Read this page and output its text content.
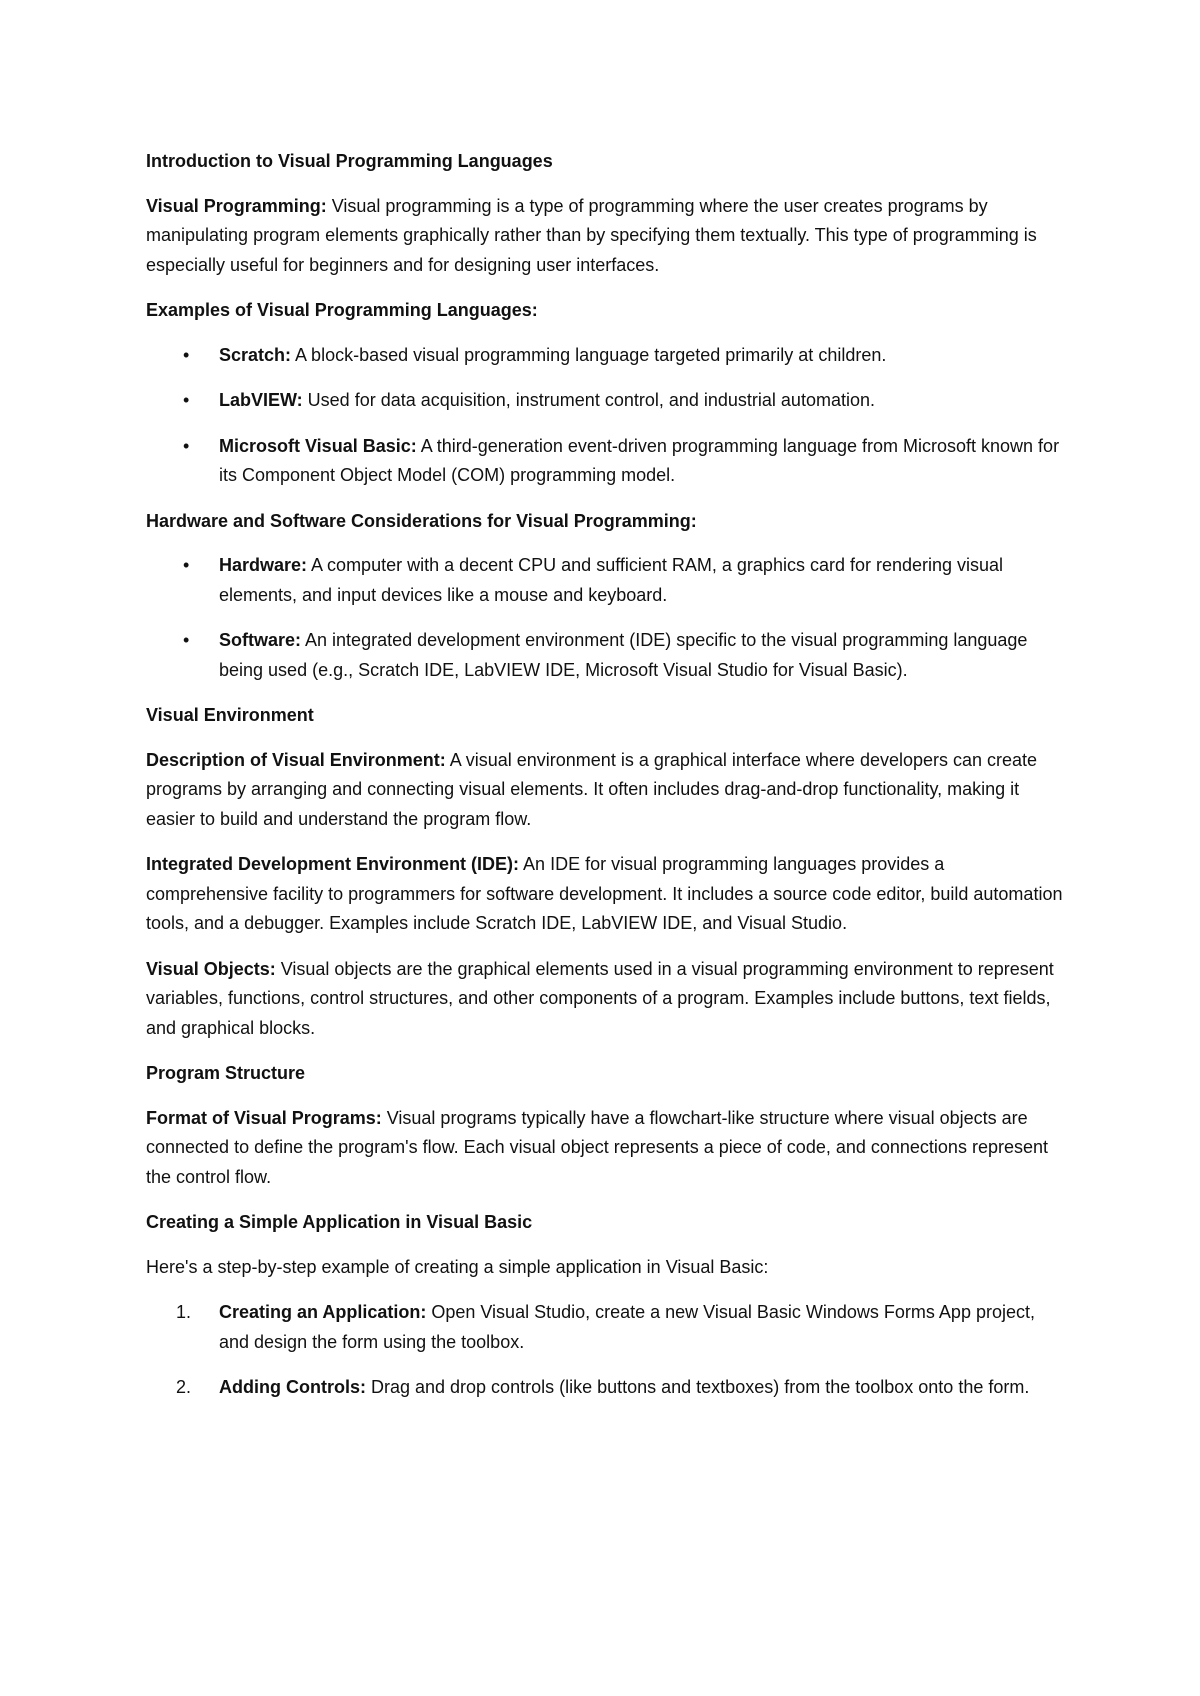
Introduction to Visual Programming Languages

Visual Programming: Visual programming is a type of programming where the user creates programs by manipulating program elements graphically rather than by specifying them textually. This type of programming is especially useful for beginners and for designing user interfaces.

Examples of Visual Programming Languages:
• Scratch: A block-based visual programming language targeted primarily at children.
• LabVIEW: Used for data acquisition, instrument control, and industrial automation.
• Microsoft Visual Basic: A third-generation event-driven programming language from Microsoft known for its Component Object Model (COM) programming model.
Hardware and Software Considerations for Visual Programming:
• Hardware: A computer with a decent CPU and sufficient RAM, a graphics card for rendering visual elements, and input devices like a mouse and keyboard.
• Software: An integrated development environment (IDE) specific to the visual programming language being used (e.g., Scratch IDE, LabVIEW IDE, Microsoft Visual Studio for Visual Basic).
Visual Environment

Description of Visual Environment: A visual environment is a graphical interface where developers can create programs by arranging and connecting visual elements. It often includes drag-and-drop functionality, making it easier to build and understand the program flow.

Integrated Development Environment (IDE): An IDE for visual programming languages provides a comprehensive facility to programmers for software development. It includes a source code editor, build automation tools, and a debugger. Examples include Scratch IDE, LabVIEW IDE, and Visual Studio.

Visual Objects: Visual objects are the graphical elements used in a visual programming environment to represent variables, functions, control structures, and other components of a program. Examples include buttons, text fields, and graphical blocks.

Program Structure

Format of Visual Programs: Visual programs typically have a flowchart-like structure where visual objects are connected to define the program's flow. Each visual object represents a piece of code, and connections represent the control flow.

Creating a Simple Application in Visual Basic

Here's a step-by-step example of creating a simple application in Visual Basic:

1. Creating an Application: Open Visual Studio, create a new Visual Basic Windows Forms App project, and design the form using the toolbox.
2. Adding Controls: Drag and drop controls (like buttons and textboxes) from the toolbox onto the form.
